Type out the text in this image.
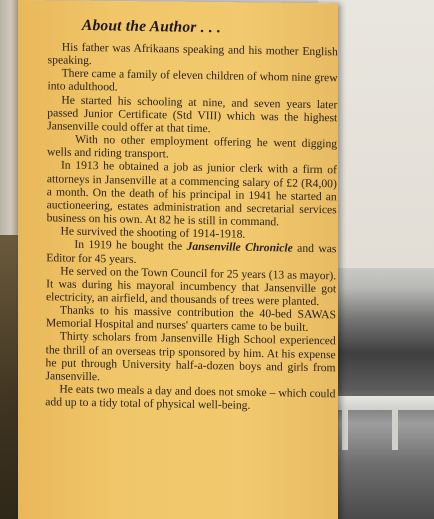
About the Author . . .

His father was Afrikaans speaking and his mother English speaking.

There came a family of eleven children of whom nine grew into adulthood.

He started his schooling at nine, and seven years later passed Junior Certificate (Std VIII) which was the highest Jansenville could offer at that time.

With no other employment offering he went digging wells and riding transport.

In 1913 he obtained a job as junior clerk with a firm of attorneys in Jansenville at a commencing salary of £2 (R4,00) a month. On the death of his principal in 1941 he started an auctioneering, estates administration and secretarial services business on his own. At 82 he is still in command.

He survived the shooting of 1914-1918.

In 1919 he bought the Jansenville Chronicle and was Editor for 45 years.

He served on the Town Council for 25 years (13 as mayor). It was during his mayoral incumbency that Jansenville got electricity, an airfield, and thousands of trees were planted.

Thanks to his massive contribution the 40-bed SAWAS Memorial Hospital and nurses' quarters came to be built.

Thirty scholars from Jansenville High School experienced the thrill of an overseas trip sponsored by him. At his expense he put through University half-a-dozen boys and girls from Jansenville.

He eats two meals a day and does not smoke – which could add up to a tidy total of physical well-being.
